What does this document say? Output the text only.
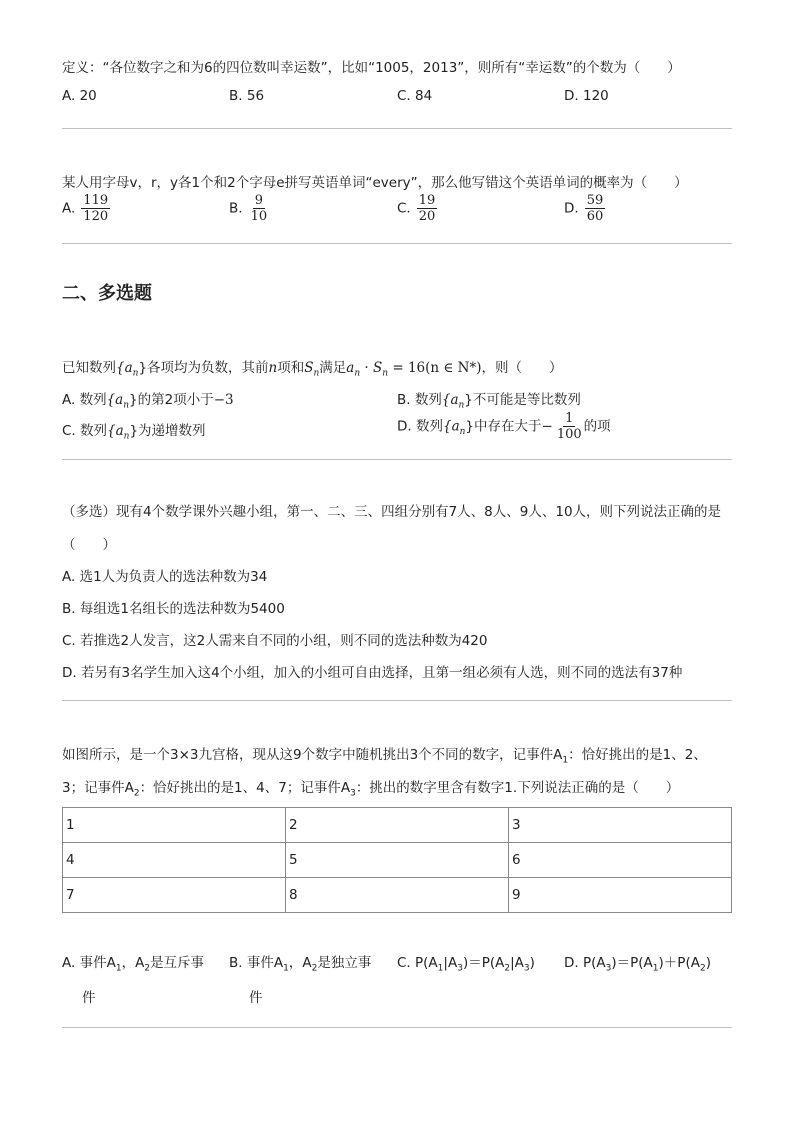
定义：“各位数字之和为6的四位数叫幸运数”，比如“1005，2013”，则所有“幸运数”的个数为（　　）
A. 20	B. 56	C. 84	D. 120
某人用字母v，r，y各1个和2个字母e拼写英语单词“every”，那么他写错这个英语单词的概率为（　　）
A. $\frac{119}{120}$	B. $\frac{9}{10}$	C. $\frac{19}{20}$	D. $\frac{59}{60}$
二、多选题
已知数列$\{a_n\}$各项均为负数，其前n项和$S_n$满足$a_n \cdot S_n = 16(n$ ∈ N*)，则（　　）
A. 数列$\{a_n\}$的第2项小于−3	B. 数列$\{a_n\}$不可能是等比数列
C. 数列$\{a_n\}$为递增数列	D. 数列$\{a_n\}$中存在大于− $\frac{1}{100}$ 的项
（多选）现有4个数学课外兴趣小组，第一、二、三、四组分别有7人、8人、9人、10人，则下列说法正确的是
（　　）
A. 选1人为负责人的选法种数为34
B. 每组选1名组长的选法种数为5400
C. 若推选2人发言，这2人需来自不同的小组，则不同的选法种数为420
D. 若另有3名学生加入这4个小组，加入的小组可自由选择，且第一组必须有人选，则不同的选法有37种
如图所示，是一个3×3九宫格，现从这9个数字中随机挑出3个不同的数字，记事件$A_1$：恰好挑出的是1、2、
3；记事件$A_2$：恰好挑出的是1、4、7；记事件$A_3$：挑出的数字里含有数字1.下列说法正确的是（　　）
1	2	3
4	5	6
7	8	9
A. 事件$A_1$，$A_2$是互斥事
件
B. 事件$A_1$，$A_2$是独立事
件
C. $P(A_1|A_3)=P(A_2|A_3)$ D. $P(A_3)=P(A_1)+P(A_2)$
